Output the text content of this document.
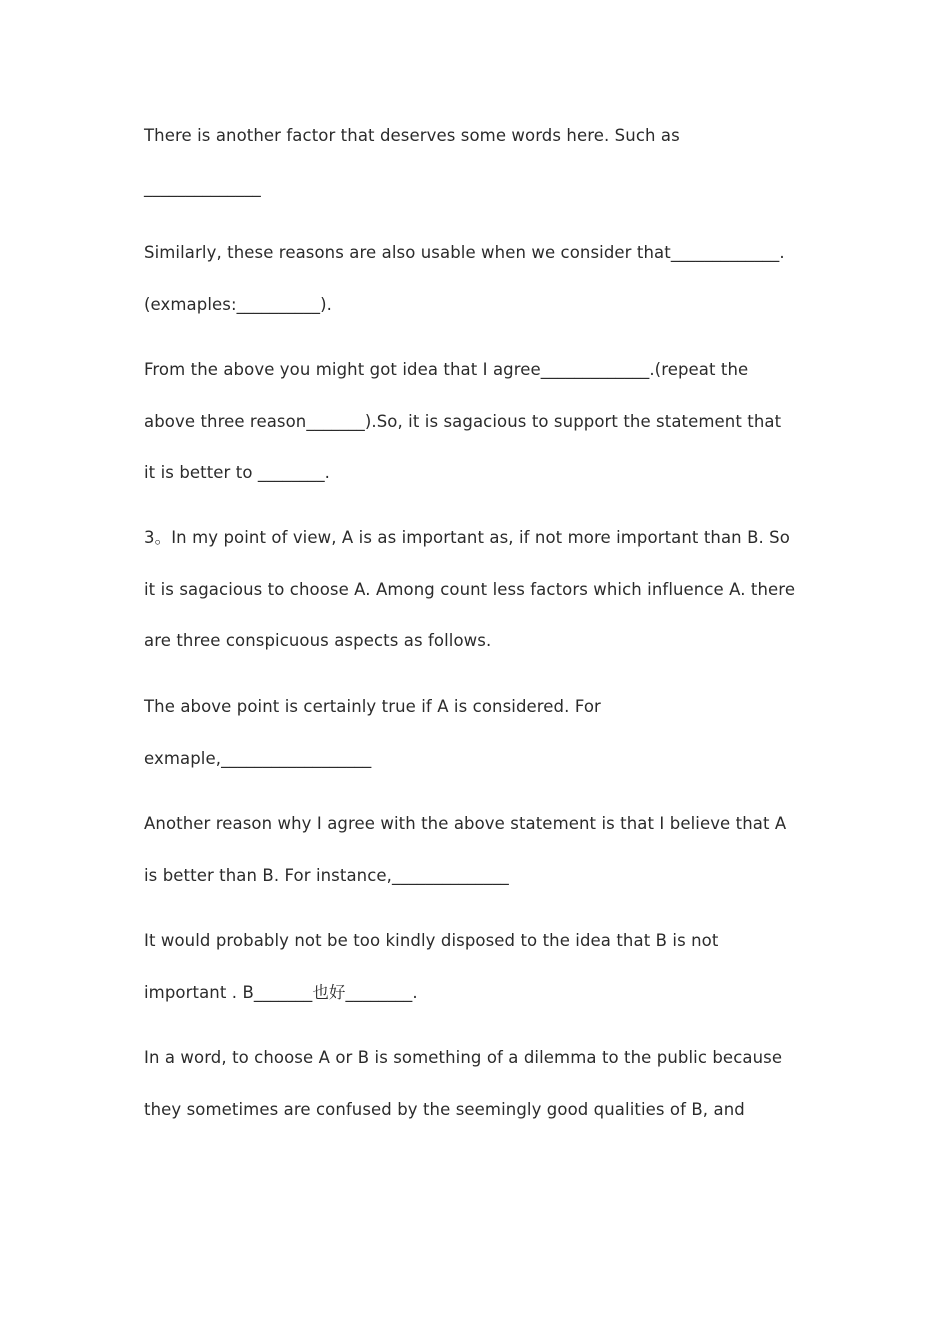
There is another factor that deserves some words here. Such as
______________
Similarly, these reasons are also usable when we consider that_____________.
(exmaples:__________).
From the above you might got idea that I agree_____________.(repeat the
above three reason_______).So, it is sagacious to support the statement that
it is better to ________.
3。In my point of view, A is as important as, if not more important than B. So
it is sagacious to choose A. Among count less factors which influence A. there
are three conspicuous aspects as follows.
The above point is certainly true if A is considered. For
exmaple,__________________
Another reason why I agree with the above statement is that I believe that A
is better than B. For instance,______________
It would probably not be too kindly disposed to the idea that B is not
important . B_______也好________.
In a word, to choose A or B is something of a dilemma to the public because
they sometimes are confused by the seemingly good qualities of B, and
